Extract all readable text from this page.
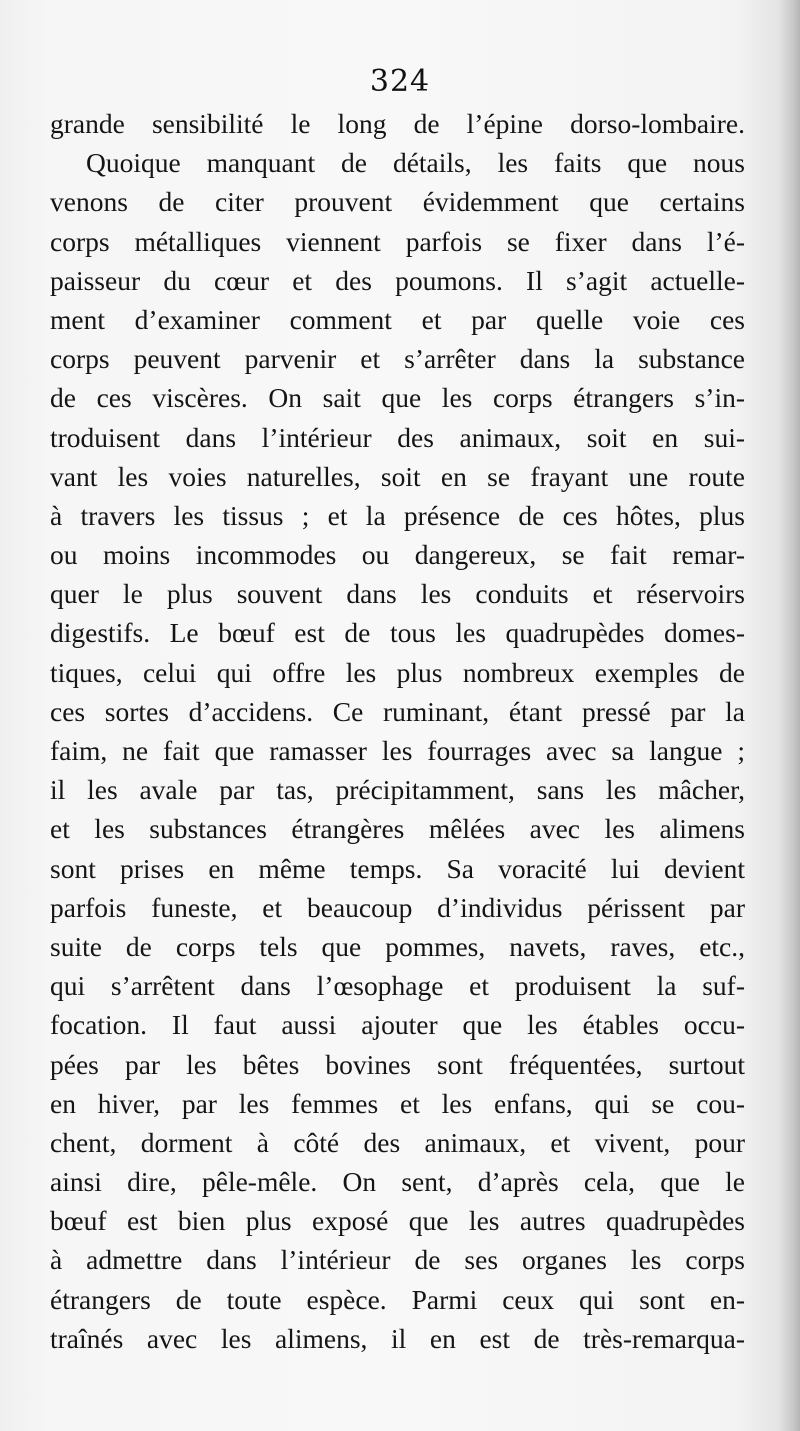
324
grande sensibilité le long de l’épine dorso-lombaire.
Quoique manquant de détails, les faits que nous
venons de citer prouvent évidemment que certains
corps métalliques viennent parfois se fixer dans l’é-
paisseur du cœur et des poumons. Il s’agit actuelle-
ment d’examiner comment et par quelle voie ces
corps peuvent parvenir et s’arrêter dans la substance
de ces viscères. On sait que les corps étrangers s’in-
troduisent dans l’intérieur des animaux, soit en sui-
vant les voies naturelles, soit en se frayant une route
à travers les tissus ; et la présence de ces hôtes, plus
ou moins incommodes ou dangereux, se fait remar-
quer le plus souvent dans les conduits et réservoirs
digestifs. Le bœuf est de tous les quadrupèdes domes-
tiques, celui qui offre les plus nombreux exemples de
ces sortes d’accidens. Ce ruminant, étant pressé par la
faim, ne fait que ramasser les fourrages avec sa langue ;
il les avale par tas, précipitamment, sans les mâcher,
et les substances étrangères mêlées avec les alimens
sont prises en même temps. Sa voracité lui devient
parfois funeste, et beaucoup d’individus périssent par
suite de corps tels que pommes, navets, raves, etc.,
qui s’arrêtent dans l’œsophage et produisent la suf-
focation. Il faut aussi ajouter que les étables occu-
pées par les bêtes bovines sont fréquentées, surtout
en hiver, par les femmes et les enfans, qui se cou-
chent, dorment à côté des animaux, et vivent, pour
ainsi dire, pêle-mêle. On sent, d’après cela, que le
bœuf est bien plus exposé que les autres quadrupèdes
à admettre dans l’intérieur de ses organes les corps
étrangers de toute espèce. Parmi ceux qui sont en-
traînés avec les alimens, il en est de très-remarqua-
